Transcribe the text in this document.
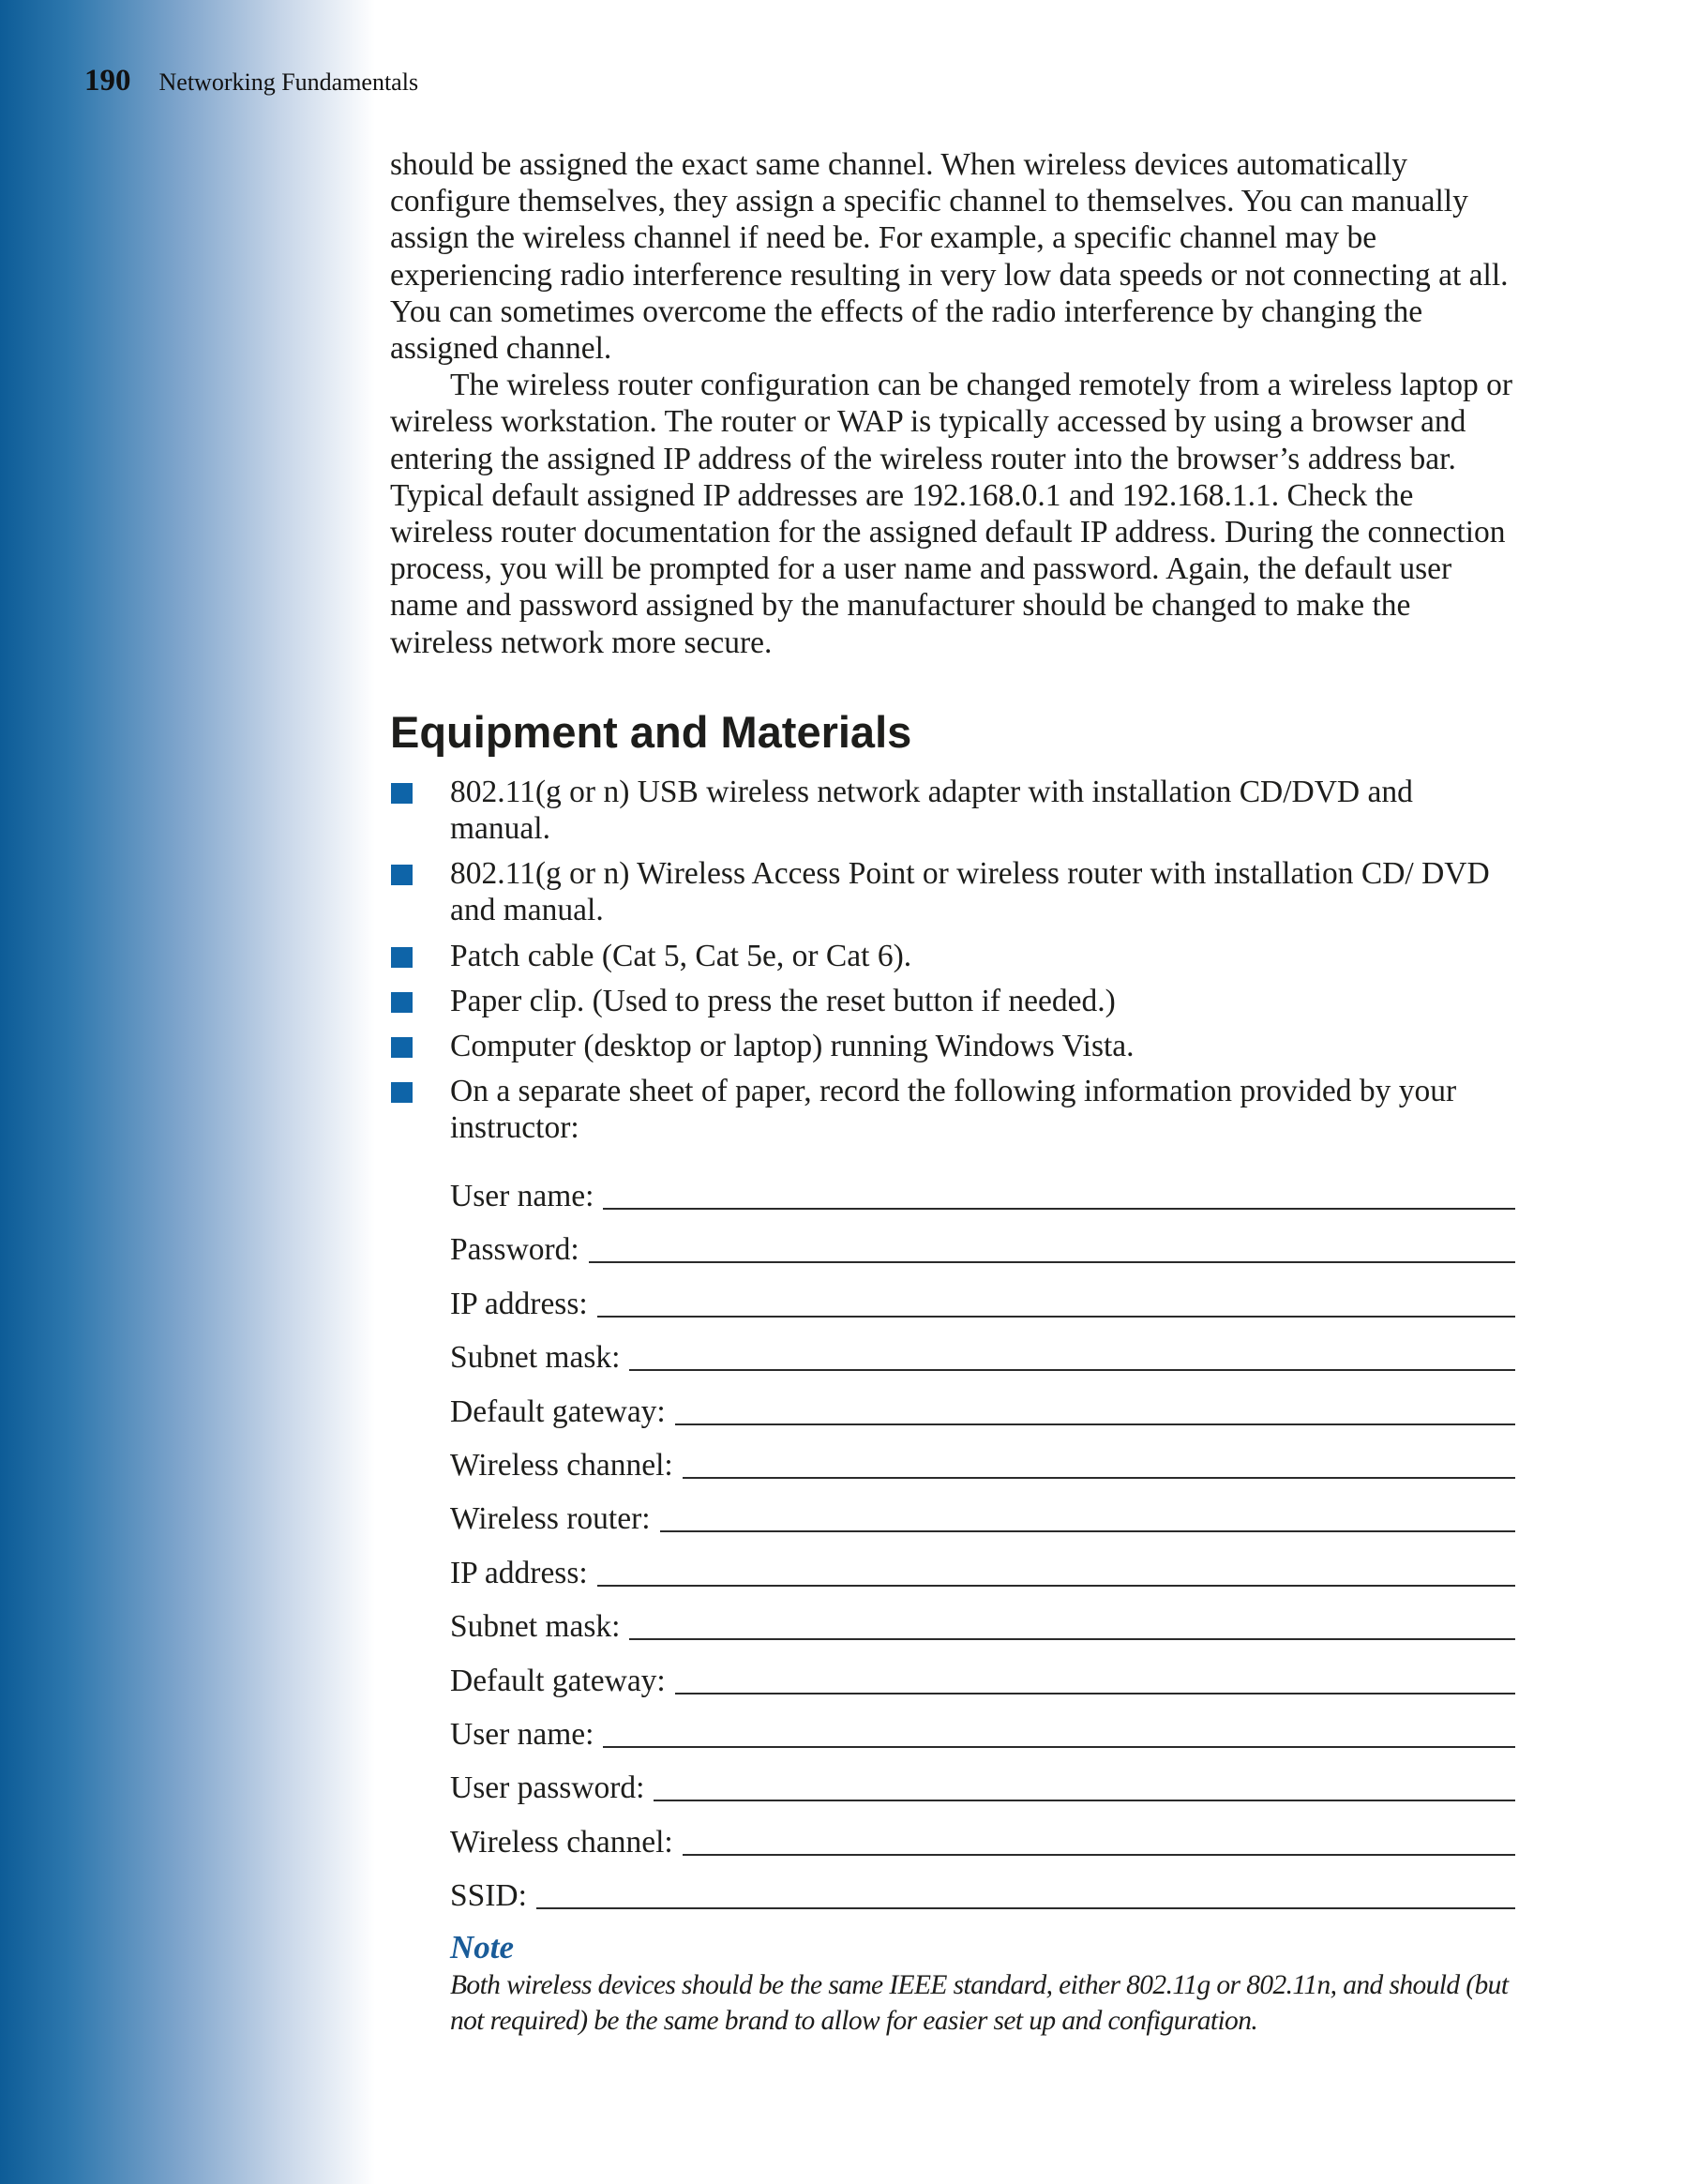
190 Networking Fundamentals

should be assigned the exact same channel. When wireless devices automatically configure themselves, they assign a specific channel to themselves. You can manually assign the wireless channel if need be. For example, a specific channel may be experiencing radio interference resulting in very low data speeds or not connecting at all. You can sometimes overcome the effects of the radio interference by changing the assigned channel.

The wireless router configuration can be changed remotely from a wireless laptop or wireless workstation. The router or WAP is typically accessed by using a browser and entering the assigned IP address of the wireless router into the browser’s address bar. Typical default assigned IP addresses are 192.168.0.1 and 192.168.1.1. Check the wireless router documentation for the assigned default IP address. During the connection process, you will be prompted for a user name and password. Again, the default user name and password assigned by the manufacturer should be changed to make the wireless network more secure.

Equipment and Materials
802.11(g or n) USB wireless network adapter with installation CD/DVD and manual.
802.11(g or n) Wireless Access Point or wireless router with installation CD/ DVD and manual.
Patch cable (Cat 5, Cat 5e, or Cat 6).
Paper clip. (Used to press the reset button if needed.)
Computer (desktop or laptop) running Windows Vista.
On a separate sheet of paper, record the following information provided by your instructor:
User name:
Password:
IP address:
Subnet mask:
Default gateway:
Wireless channel:
Wireless router:
IP address:
Subnet mask:
Default gateway:
User name:
User password:
Wireless channel:
SSID:
Note
Both wireless devices should be the same IEEE standard, either 802.11g or 802.11n, and should (but not required) be the same brand to allow for easier set up and configuration.
